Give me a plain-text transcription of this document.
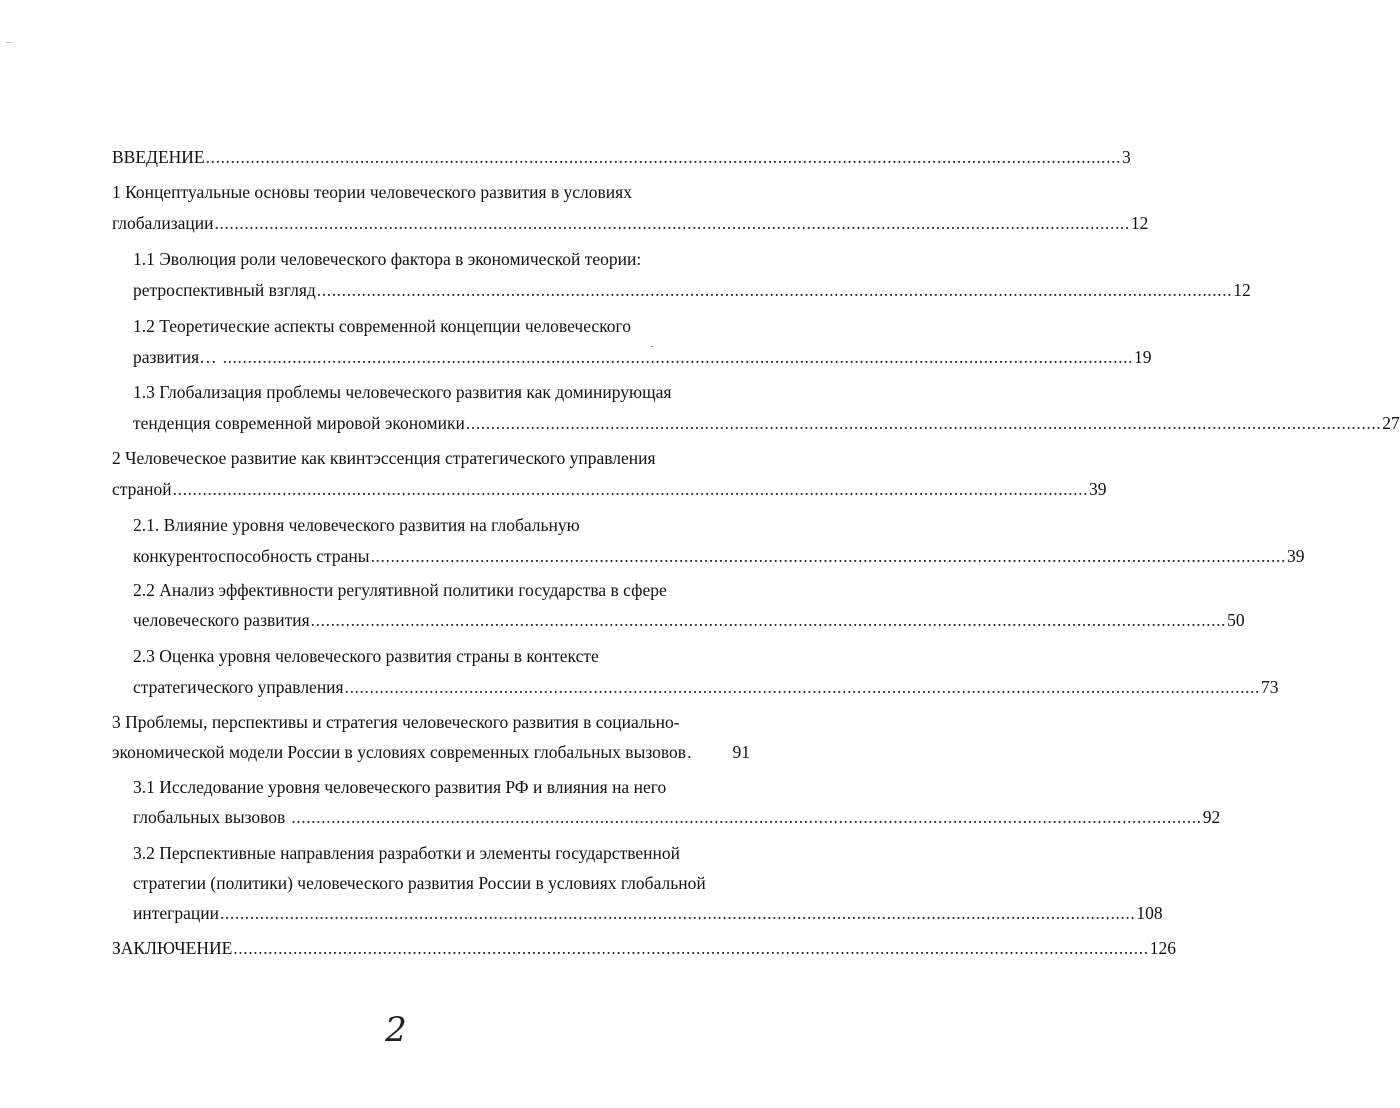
ВВЕДЕНИЕ ........................................................................................................................................................................................ 3
1 Концептуальные основы теории человеческого развития в условиях
глобализации ........................................................................................................................................................................................ 12
1.1 Эволюция роли человеческого фактора в экономической теории:
ретроспективный взгляд ........................................................................................................................................................................................ 12
1.2 Теоретические аспекты современной концепции человеческого
развития… ....................................................................................................................................................................................... 19
1.3 Глобализация проблемы человеческого развития как доминирующая
тенденция современной мировой экономики ........................................................................................................................................................................................ 27
2 Человеческое развитие как квинтэссенция стратегического управления
страной ........................................................................................................................................................................................ 39
2.1. Влияние уровня человеческого развития на глобальную
конкурентоспособность страны ........................................................................................................................................................................................ 39
2.2 Анализ эффективности регулятивной политики государства в сфере
человеческого развития ........................................................................................................................................................................................ 50
2.3 Оценка уровня человеческого развития страны в контексте
стратегического управления ........................................................................................................................................................................................ 73
3 Проблемы, перспективы и стратегия человеческого развития в социально-
экономической модели России в условиях современных глобальных вызовов .	91
3.1 Исследование уровня человеческого развития РФ и влияния на него
глобальных вызовов ....................................................................................................................................................................................... 92
3.2 Перспективные направления разработки и элементы государственной
стратегии (политики) человеческого развития России в условиях глобальной
интеграции ........................................................................................................................................................................................ 108
ЗАКЛЮЧЕНИЕ ........................................................................................................................................................................................ 126
2
